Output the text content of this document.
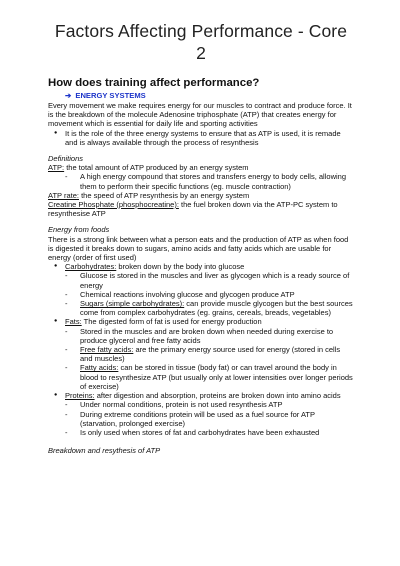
Factors Affecting Performance - Core 2
How does training affect performance?
➔ ENERGY SYSTEMS

Every movement we make requires energy for our muscles to contract and produce force. It is the breakdown of the molecule Adenosine triphosphate (ATP) that creates energy for movement which is essential for daily life and sporting activities

● It is the role of the three energy systems to ensure that as ATP is used, it is remade and is always available through the process of resynthesis

Definitions

ATP: the total amount of ATP produced by an energy system

- A high energy compound that stores and transfers energy to body cells, allowing them to perform their specific functions (eg. muscle contraction)

ATP rate: the speed of ATP resynthesis by an energy system

Creatine Phosphate (phosphocreatine): the fuel broken down via the ATP-PC system to resynthesise ATP

Energy from foods

There is a strong link between what a person eats and the production of ATP as when food is digested it breaks down to sugars, amino acids and fatty acids which are usable for energy (order of first used)

● Carbohydrates: broken down by the body into glucose
- Glucose is stored in the muscles and liver as glycogen which is a ready source of energy
- Chemical reactions involving glucose and glycogen produce ATP
- Sugars (simple carbohydrates): can provide muscle glycogen but the best sources come from complex carbohydrates (eg. grains, cereals, breads, vegetables)
● Fats: The digested form of fat is used for energy production
- Stored in the muscles and are broken down when needed during exercise to produce glycerol and free fatty acids
- Free fatty acids: are the primary energy source used for energy (stored in cells and muscles)
- Fatty acids: can be stored in tissue (body fat) or can travel around the body in blood to resynthesize ATP (but usually only at lower intensities over longer periods of exercise)
● Proteins: after digestion and absorption, proteins are broken down into amino acids
- Under normal conditions, protein is not used resynthesis ATP
- During extreme conditions protein will be used as a fuel source for ATP (starvation, prolonged exercise)
- Is only used when stores of fat and carbohydrates have been exhausted

Breakdown and resythesis of ATP
